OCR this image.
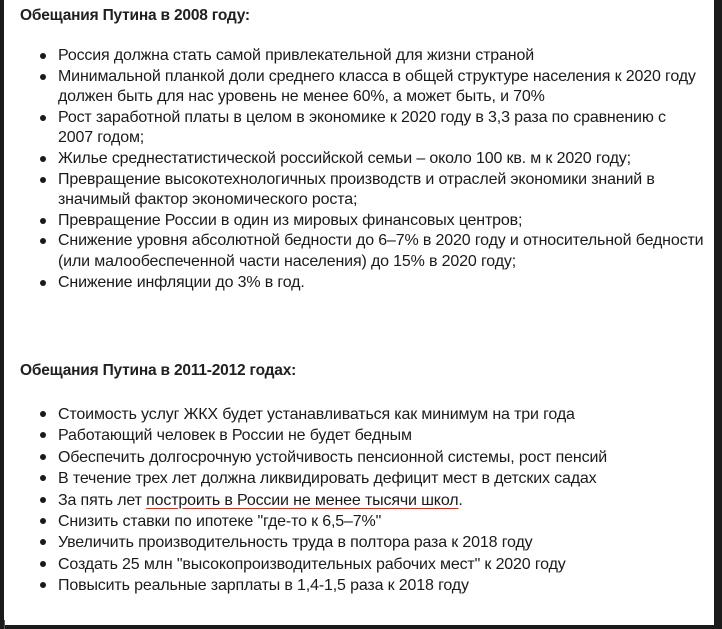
Обещания Путина в 2008 году:
Россия должна стать самой привлекательной для жизни страной
Минимальной планкой доли среднего класса в общей структуре населения к 2020 году должен быть для нас уровень не менее 60%, а может быть, и 70%
Рост заработной платы в целом в экономике к 2020 году в 3,3 раза по сравнению с 2007 годом;
Жилье среднестатистической российской семьи – около 100 кв. м к 2020 году;
Превращение высокотехнологичных производств и отраслей экономики знаний в значимый фактор экономического роста;
Превращение России в один из мировых финансовых центров;
Снижение уровня абсолютной бедности до 6–7% в 2020 году и относительной бедности (или малообеспеченной части населения) до 15% в 2020 году;
Снижение инфляции до 3% в год.
Обещания Путина в 2011-2012 годах:
Стоимость услуг ЖКХ будет устанавливаться как минимум на три года
Работающий человек в России не будет бедным
Обеспечить долгосрочную устойчивость пенсионной системы, рост пенсий
В течение трех лет должна ликвидировать дефицит мест в детских садах
За пять лет построить в России не менее тысячи школ.
Снизить ставки по ипотеке "где-то к 6,5–7%"
Увеличить производительность труда в полтора раза к 2018 году
Создать 25 млн "высокопроизводительных рабочих мест" к 2020 году
Повысить реальные зарплаты в 1,4-1,5 раза к 2018 году
